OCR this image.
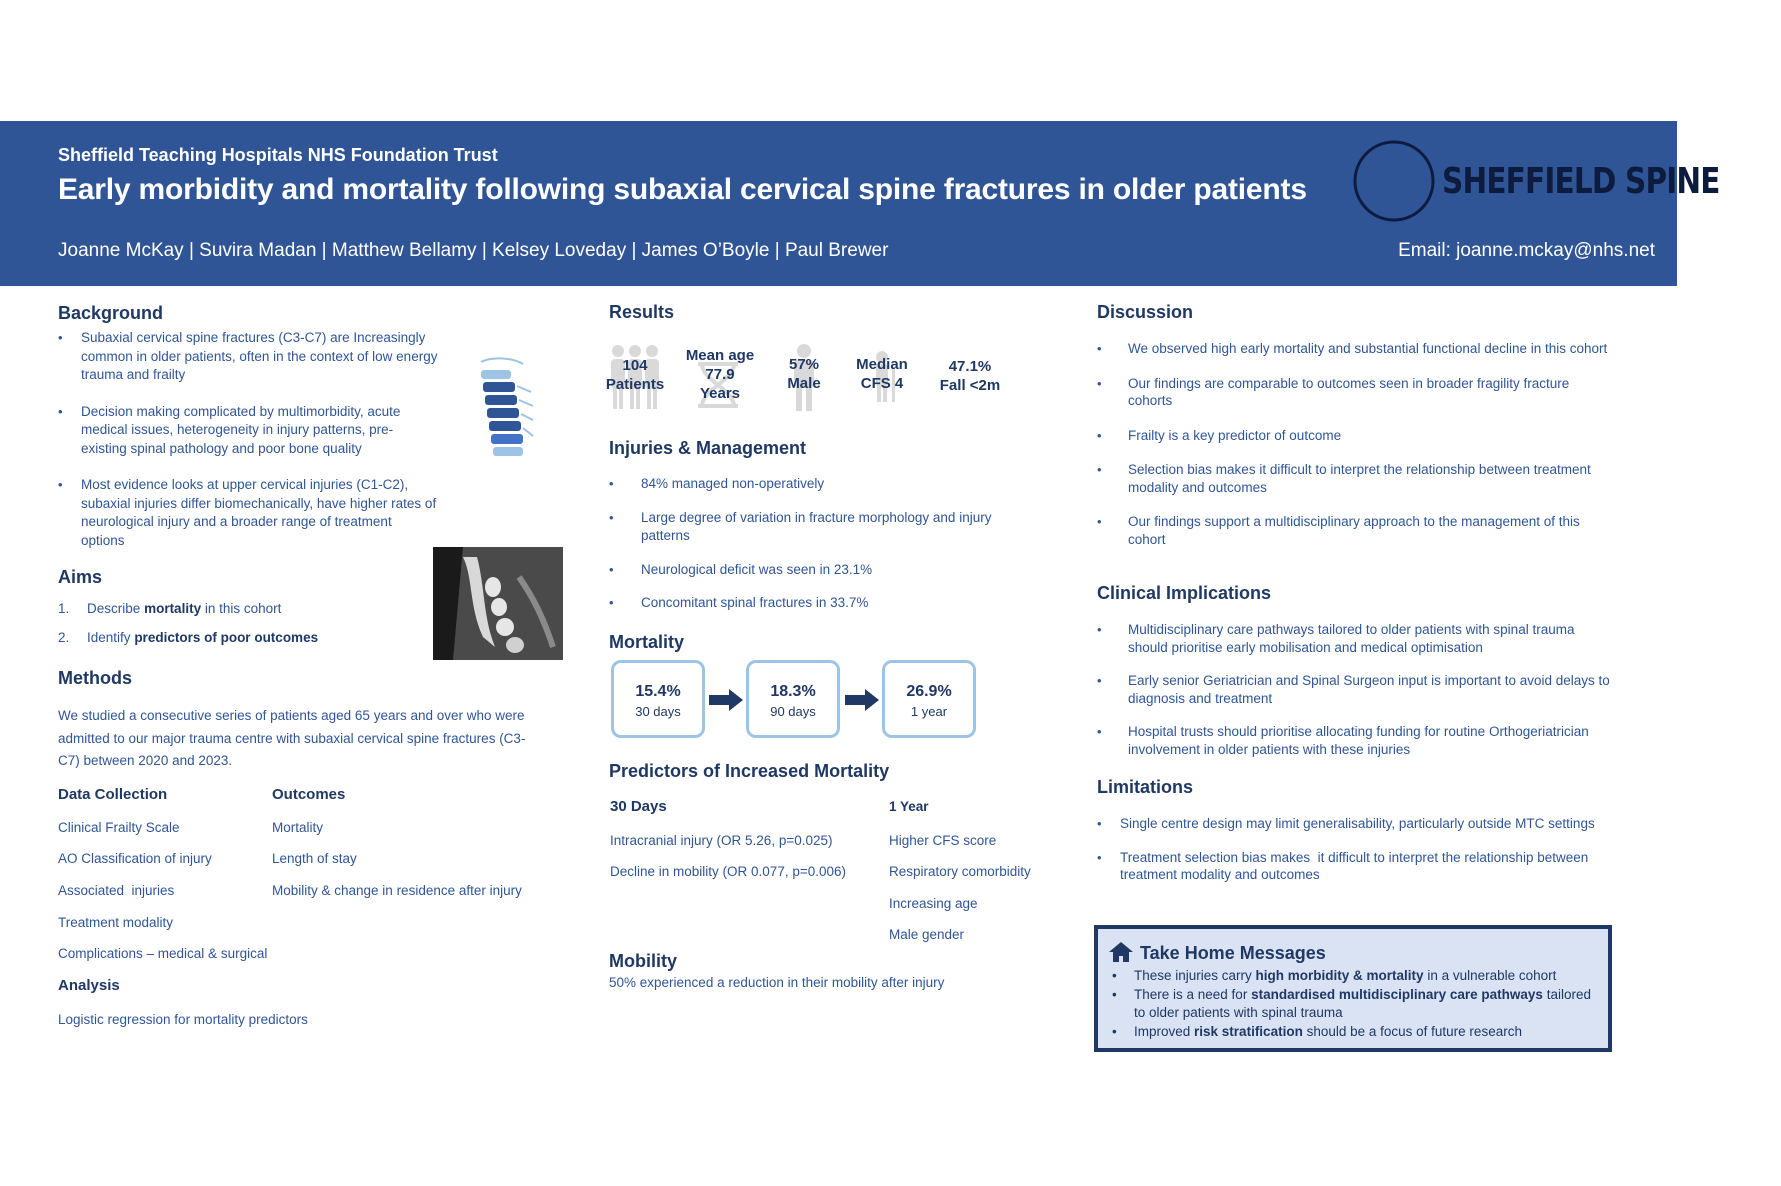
Sheffield Teaching Hospitals NHS Foundation Trust
Early morbidity and mortality following subaxial cervical spine fractures in older patients
Joanne McKay | Suvira Madan | Matthew Bellamy | Kelsey Loveday | James O’Boyle | Paul Brewer	Email: joanne.mckay@nhs.net
SHEFFIELD SPINE
Background
• Subaxial cervical spine fractures (C3-C7) are Increasingly common in older patients, often in the context of low energy trauma and frailty
• Decision making complicated by multimorbidity, acute medical issues, heterogeneity in injury patterns, pre-existing spinal pathology and poor bone quality
• Most evidence looks at upper cervical injuries (C1-C2), subaxial injuries differ biomechanically, have higher rates of neurological injury and a broader range of treatment options
Aims
1. Describe mortality in this cohort
2. Identify predictors of poor outcomes
Methods
We studied a consecutive series of patients aged 65 years and over who were admitted to our major trauma centre with subaxial cervical spine fractures (C3-C7) between 2020 and 2023.
Data Collection
Clinical Frailty Scale
AO Classification of injury
Associated  injuries
Treatment modality
Complications – medical & surgical
Outcomes
Mortality
Length of stay
Mobility & change in residence after injury
Analysis
Logistic regression for mortality predictors
Results
104
Patients
Mean age
77.9
Years
57%
Male
Median
CFS 4
47.1%
Fall <2m
Injuries & Management
• 84% managed non-operatively
• Large degree of variation in fracture morphology and injury patterns
• Neurological deficit was seen in 23.1%
• Concomitant spinal fractures in 33.7%
Mortality
15.4%
30 days
18.3%
90 days
26.9%
1 year
Predictors of Increased Mortality
30 Days
Intracranial injury (OR 5.26, p=0.025)
Decline in mobility (OR 0.077, p=0.006)
1 Year
Higher CFS score
Respiratory comorbidity
Increasing age
Male gender
Mobility
50% experienced a reduction in their mobility after injury
Discussion
• We observed high early mortality and substantial functional decline in this cohort
• Our findings are comparable to outcomes seen in broader fragility fracture cohorts
• Frailty is a key predictor of outcome
• Selection bias makes it difficult to interpret the relationship between treatment modality and outcomes
• Our findings support a multidisciplinary approach to the management of this cohort
Clinical Implications
• Multidisciplinary care pathways tailored to older patients with spinal trauma should prioritise early mobilisation and medical optimisation
• Early senior Geriatrician and Spinal Surgeon input is important to avoid delays to diagnosis and treatment
• Hospital trusts should prioritise allocating funding for routine Orthogeriatrician involvement in older patients with these injuries
Limitations
• Single centre design may limit generalisability, particularly outside MTC settings
• Treatment selection bias makes  it difficult to interpret the relationship between treatment modality and outcomes
Take Home Messages
• These injuries carry high morbidity & mortality in a vulnerable cohort
• There is a need for standardised multidisciplinary care pathways tailored to older patients with spinal trauma
• Improved risk stratification should be a focus of future research
